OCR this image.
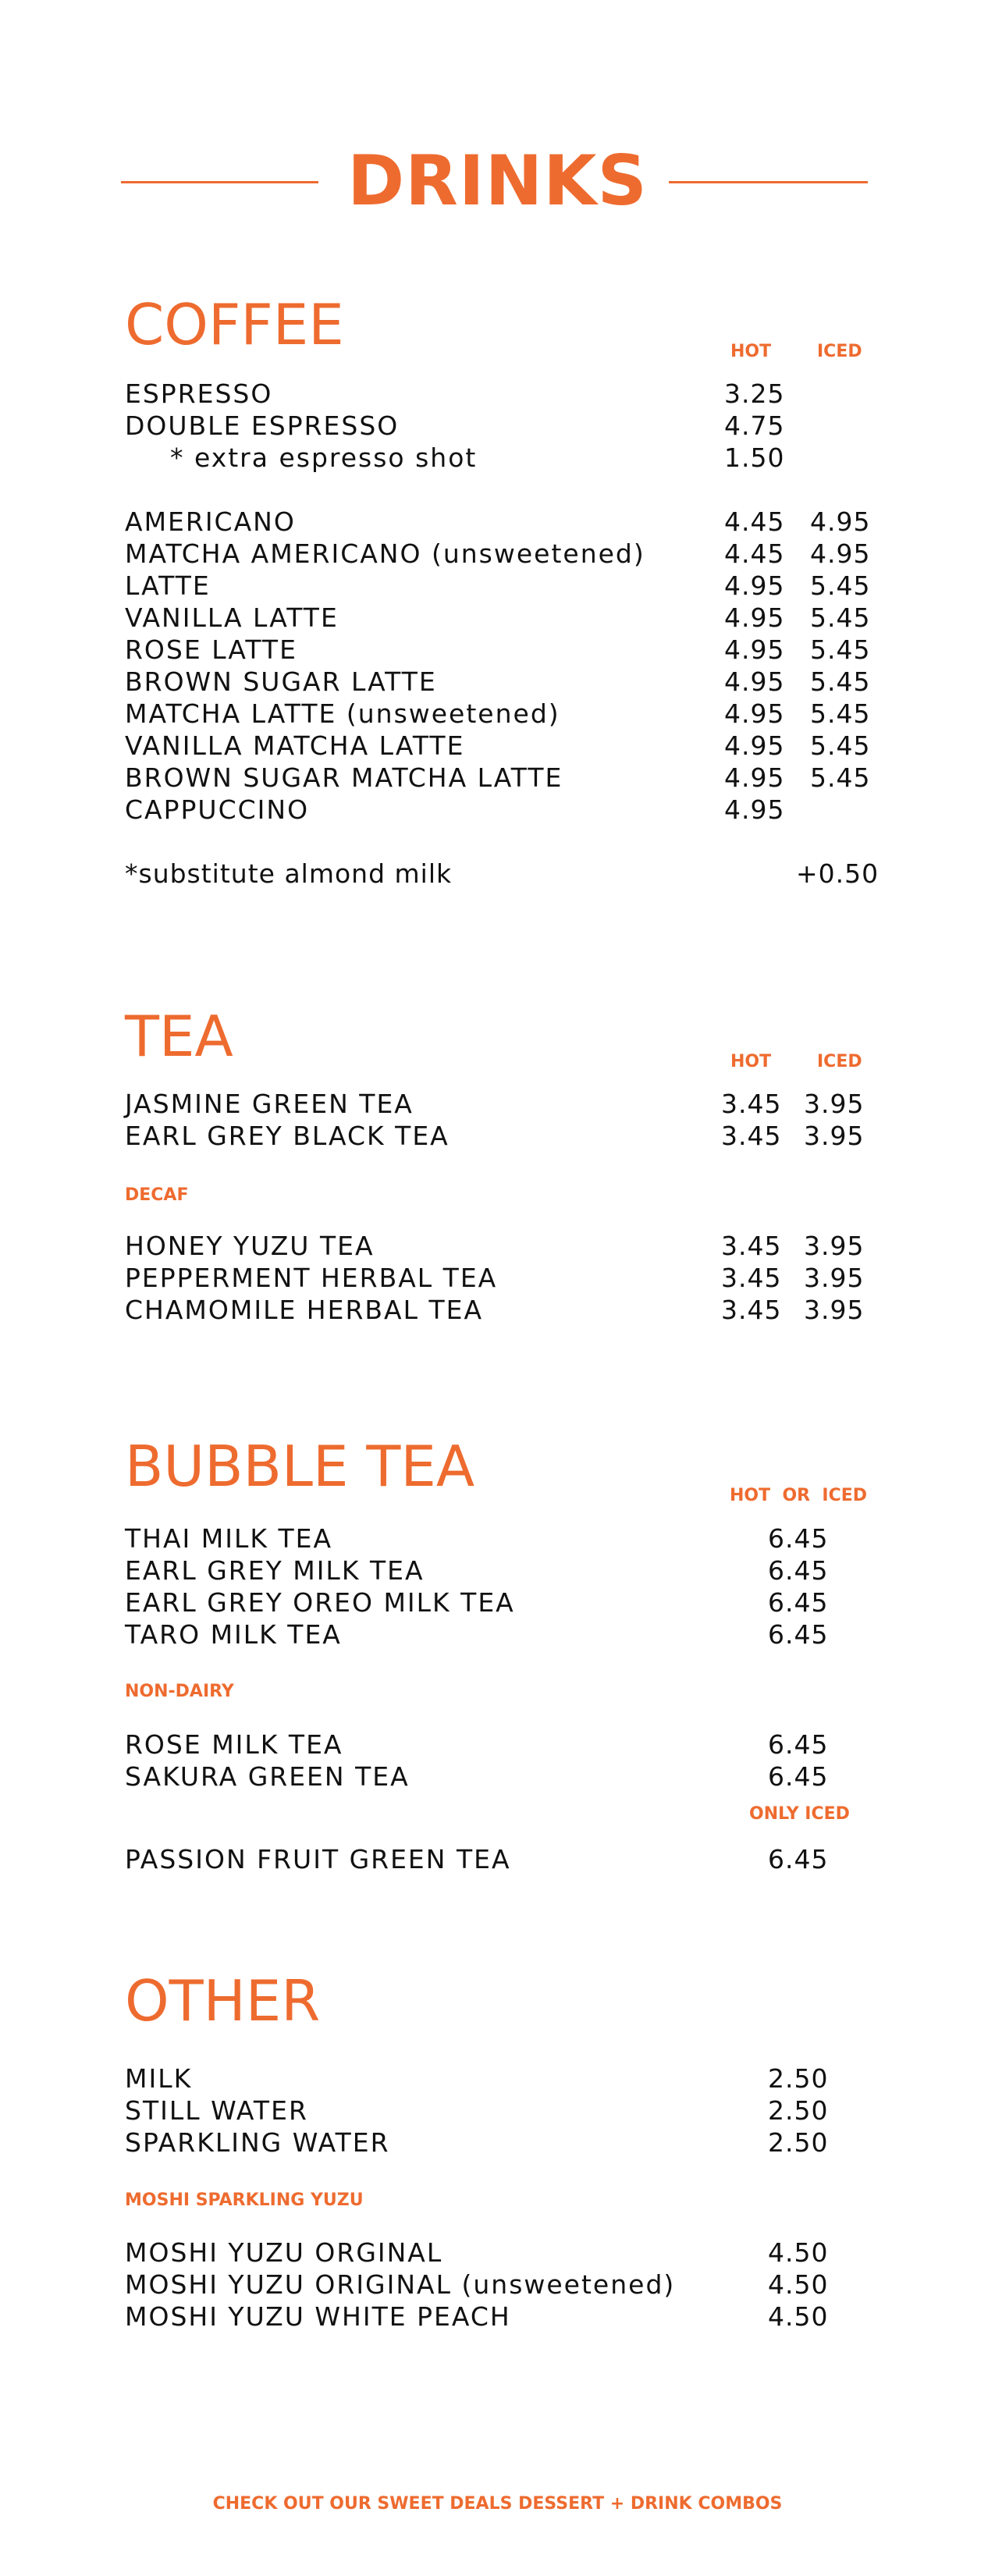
DRINKS
COFFEE	HOT	ICED
ESPRESSO	3.25
DOUBLE ESPRESSO	4.75
* extra espresso shot	1.50
AMERICANO	4.45 4.95
MATCHA AMERICANO (unsweetened)	4.45 4.95
LATTE	4.95 5.45
VANILLA LATTE	4.95 5.45
ROSE LATTE	4.95 5.45
BROWN SUGAR LATTE	4.95 5.45
MATCHA LATTE (unsweetened)	4.95 5.45
VANILLA MATCHA LATTE	4.95 5.45
BROWN SUGAR MATCHA LATTE	4.95 5.45
CAPPUCCINO	4.95
*substitute almond milk	+0.50
TEA	HOT	ICED
JASMINE GREEN TEA	3.45 3.95
EARL GREY BLACK TEA	3.45 3.95
DECAF
HONEY YUZU TEA	3.45 3.95
PEPPERMENT HERBAL TEA	3.45 3.95
CHAMOMILE HERBAL TEA	3.45 3.95
BUBBLE TEA	HOT  OR  ICED
THAI MILK TEA	6.45
EARL GREY MILK TEA	6.45
EARL GREY OREO MILK TEA	6.45
TARO MILK TEA	6.45
NON-DAIRY
ROSE MILK TEA	6.45
SAKURA GREEN TEA	6.45
ONLY ICED
PASSION FRUIT GREEN TEA	6.45
OTHER
MILK	2.50
STILL WATER	2.50
SPARKLING WATER	2.50
MOSHI SPARKLING YUZU
MOSHI YUZU ORGINAL	4.50
MOSHI YUZU ORIGINAL (unsweetened)	4.50
MOSHI YUZU WHITE PEACH	4.50
CHECK OUT OUR SWEET DEALS DESSERT + DRINK COMBOS
